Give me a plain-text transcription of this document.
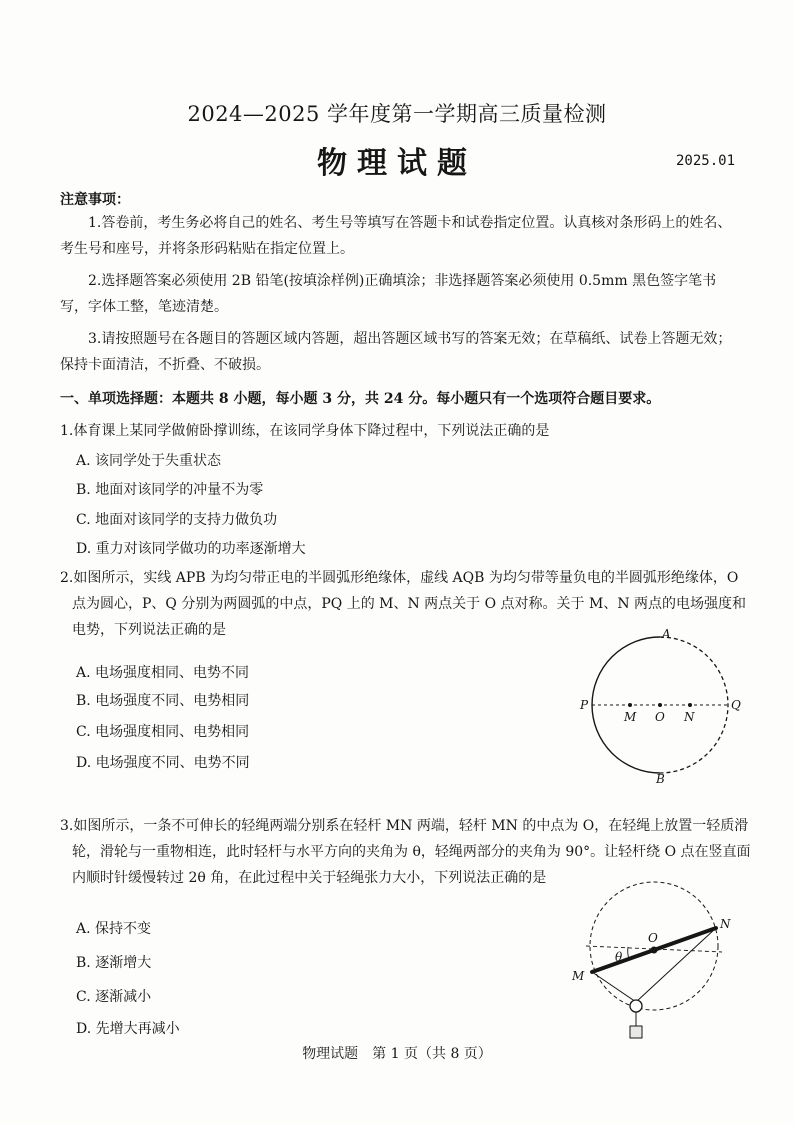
2024—2025 学年度第一学期高三质量检测
物理试题	2025.01
注意事项：

1.答卷前，考生务必将自己的姓名、考生号等填写在答题卡和试卷指定位置。认真核对条形码上的姓名、考生号和座号，并将条形码粘贴在指定位置上。

2.选择题答案必须使用 2B 铅笔(按填涂样例)正确填涂；非选择题答案必须使用 0.5mm 黑色签字笔书写，字体工整，笔迹清楚。

3.请按照题号在各题目的答题区域内答题，超出答题区域书写的答案无效；在草稿纸、试卷上答题无效；保持卡面清洁，不折叠、不破损。

一、单项选择题：本题共 8 小题，每小题 3 分，共 24 分。每小题只有一个选项符合题目要求。

1.体育课上某同学做俯卧撑训练，在该同学身体下降过程中，下列说法正确的是

A. 该同学处于失重状态
B. 地面对该同学的冲量不为零
C. 地面对该同学的支持力做负功
D. 重力对该同学做功的功率逐渐增大

2.如图所示，实线 APB 为均匀带正电的半圆弧形绝缘体，虚线 AQB 为均匀带等量负电的半圆弧形绝缘体，O 点为圆心，P、Q 分别为两圆弧的中点，PQ 上的 M、N 两点关于 O 点对称。关于 M、N 两点的电场强度和电势，下列说法正确的是

A. 电场强度相同、电势不同
B. 电场强度不同、电势相同
C. 电场强度相同、电势相同
D. 电场强度不同、电势不同
A
B
P	Q
M O N

3.如图所示，一条不可伸长的轻绳两端分别系在轻杆 MN 两端，轻杆 MN 的中点为 O，在轻绳上放置一轻质滑轮，滑轮与一重物相连，此时轻杆与水平方向的夹角为 θ，轻绳两部分的夹角为 90°。让轻杆绕 O 点在竖直面内顺时针缓慢转过 2θ 角，在此过程中关于轻绳张力大小，下列说法正确的是

A. 保持不变
B. 逐渐增大
C. 逐渐减小
D. 先增大再减小
M
N
O
θ
物理试题　第 1 页（共 8 页）
